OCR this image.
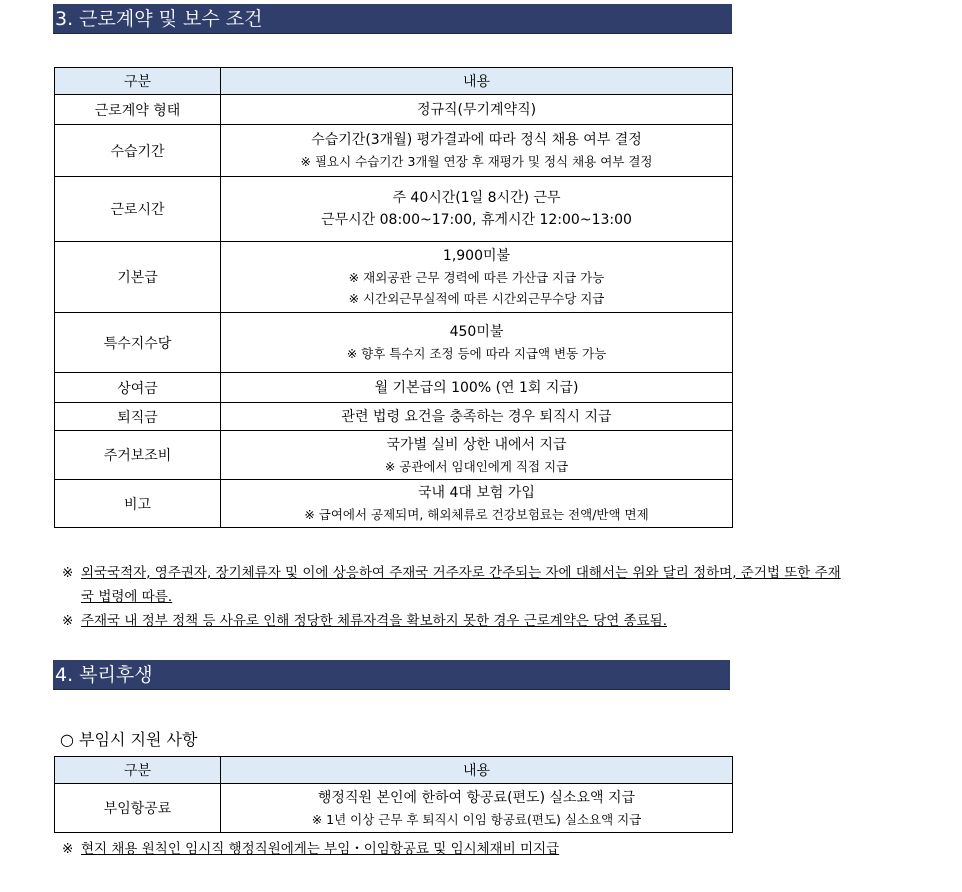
3. 근로계약 및 보수 조건
구분	내용
근로계약 형태	정규직(무기계약직)

수습기간	수습기간(3개월) 평가결과에 따라 정식 채용 여부 결정
※ 필요시 수습기간 3개월 연장 후 재평가 및 정식 채용 여부 결정

근로시간	주 40시간(1일 8시간) 근무
근무시간 08:00~17:00, 휴게시간 12:00~13:00

기본급	1,900미불
※ 재외공관 근무 경력에 따른 가산급 지급 가능
※ 시간외근무실적에 따른 시간외근무수당 지급

특수지수당	450미불
※ 향후 특수지 조정 등에 따라 지급액 변동 가능

상여금	월 기본급의 100% (연 1회 지급)

퇴직금	관련 법령 요건을 충족하는 경우 퇴직시 지급

주거보조비	국가별 실비 상한 내에서 지급
※ 공관에서 임대인에게 직접 지급

비고	국내 4대 보험 가입
※ 급여에서 공제되며, 해외체류로 건강보험료는 전액/반액 면제
※ 외국국적자, 영주권자, 장기체류자 및 이에 상응하여 주재국 거주자로 간주되는 자에 대해서는 위와 달리 정하며, 준거법 또한 주재
국 법령에 따름.
※ 주재국 내 정부 정책 등 사유로 인해 정당한 체류자격을 확보하지 못한 경우 근로계약은 당연 종료됨.
4. 복리후생
○ 부임시 지원 사항
구분	내용
부임항공료	행정직원 본인에 한하여 항공료(편도) 실소요액 지급
※ 1년 이상 근무 후 퇴직시 이임 항공료(편도) 실소요액 지급
※ 현지 채용 원칙인 임시직 행정직원에게는 부임・이임항공료 및 임시체재비 미지급
